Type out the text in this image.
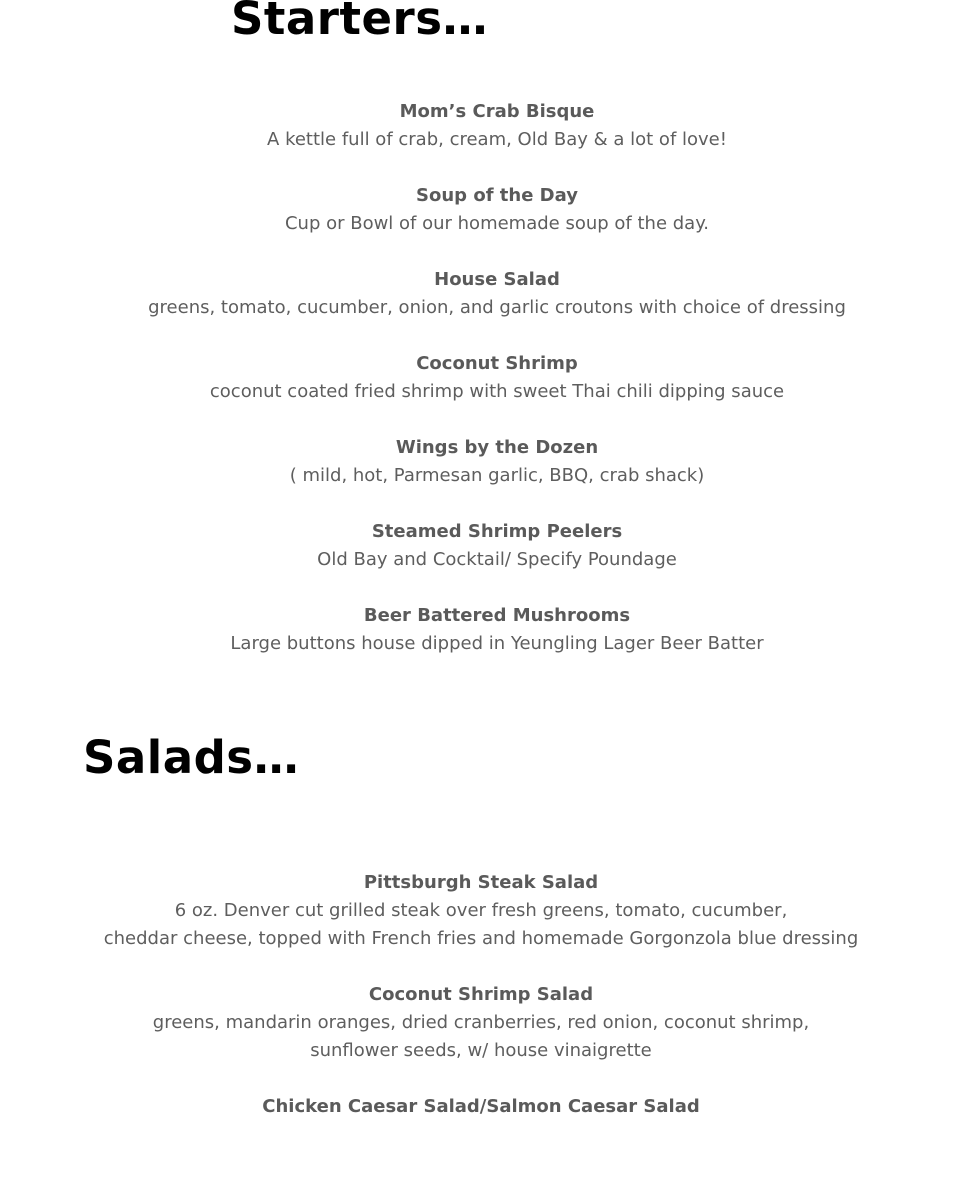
Starters…
Mom’s Crab Bisque
A kettle full of crab, cream, Old Bay & a lot of love!
Soup of the Day
Cup or Bowl of our homemade soup of the day.
House Salad
greens, tomato, cucumber, onion, and garlic croutons with choice of dressing
Coconut Shrimp
coconut coated fried shrimp with sweet Thai chili dipping sauce
Wings by the Dozen
( mild, hot, Parmesan garlic, BBQ, crab shack)
Steamed Shrimp Peelers
Old Bay and Cocktail/ Specify Poundage
Beer Battered Mushrooms
Large buttons house dipped in Yeungling Lager Beer Batter
Salads…
Pittsburgh Steak Salad
6 oz. Denver cut grilled steak over fresh greens, tomato, cucumber,
cheddar cheese, topped with French fries and homemade Gorgonzola blue dressing
Coconut Shrimp Salad
greens, mandarin oranges, dried cranberries, red onion, coconut shrimp,
sunflower seeds, w/ house vinaigrette
Chicken Caesar Salad/Salmon Caesar Salad
